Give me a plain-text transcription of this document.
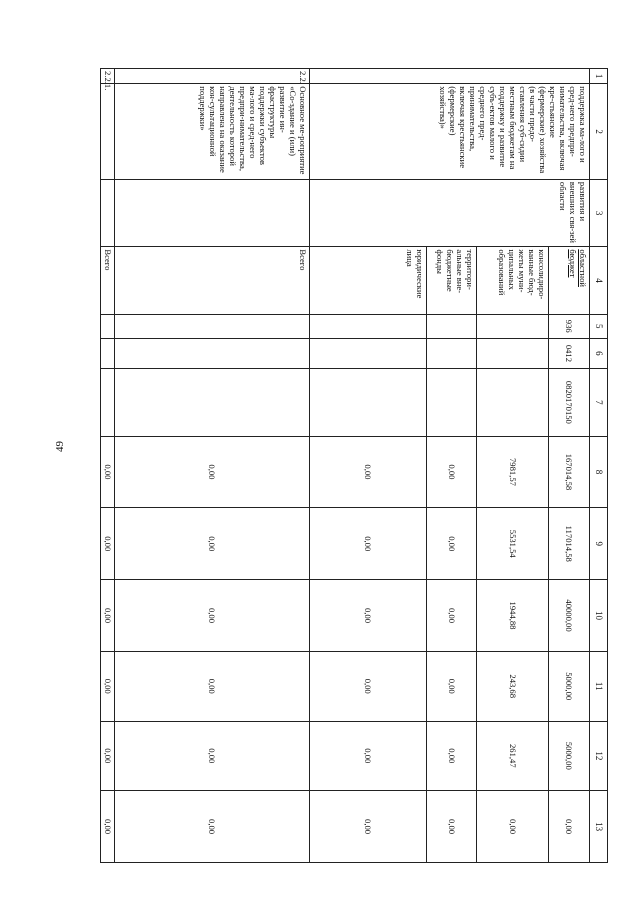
49
1	2	3	4	5	6	7	8	9	10	11	12	13
	поддержка ма-лого и сред-него предпри-нимательства, включая кре-стьянские (фермерские) хозяйства (в части предо-ставления суб-сидии местным бюджетам на поддержку и развитие субъ-ектов малого и среднего пред-принимательства, включая крестьянские (фермерские) хозяйства)»	развития и внешних свя-зей области	областной бюджет	936	0412	0820170150	167014,58	117014,58	40000,00	5000,00	5000,00	0,00
			консолидиро-ванные бюд-жеты муни-ципальных образований				7981,57	5531,54	1944,88	243,68	261,47	0,00
			территори-альные вне-бюджетные фонды				0,00	0,00	0,00	0,00	0,00	0,00
			юридические лица				0,00	0,00	0,00	0,00	0,00	0,00
2.2.	Основное ме-роприятие «Со-здание и (или) развитие ин-фраструктуры поддержки субъектов ма-лого и сред-него предпри-нимательства, деятельность которой направлена на оказание кон-сультационной поддержки»		Всего				0,00	0,00	0,00	0,00	0,00	0,00
2.2.1.			Всего				0,00	0,00	0,00	0,00	0,00	0,00
